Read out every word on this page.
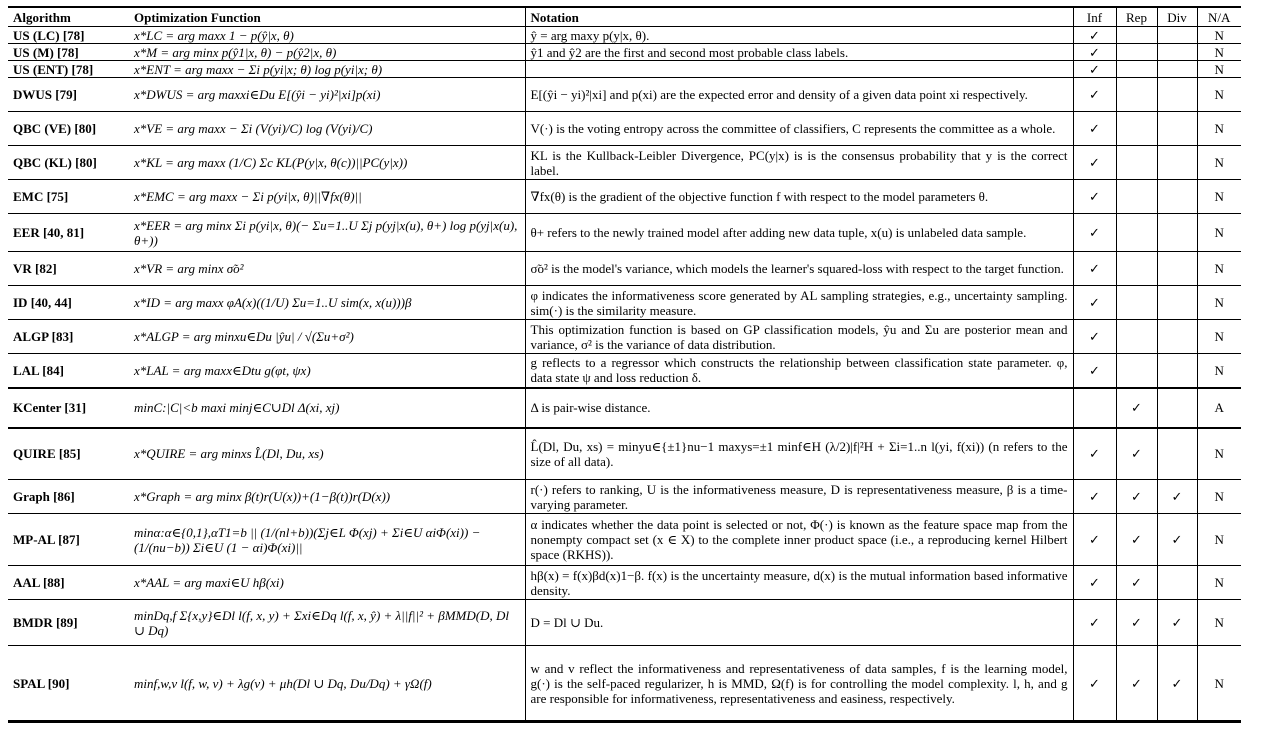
Algorithm	Optimization Function	Notation	Inf	Rep	Div	N/A
US (LC) [78]	x*LC = arg maxx 1 − p(ŷ|x, θ)	ŷ = arg maxy p(y|x, θ).	✓			N
US (M) [78]	x*M = arg minx p(ŷ1|x, θ) − p(ŷ2|x, θ)	ŷ1 and ŷ2 are the first and second most probable class labels.	✓			N
US (ENT) [78]	x*ENT = arg maxx − Σi p(yi|x; θ) log p(yi|x; θ)		✓			N
DWUS [79]	x*DWUS = arg maxxi∈Du E[(ŷi − yi)²|xi]p(xi)	E[(ŷi − yi)²|xi] and p(xi) are the expected error and density of a given data point xi respectively.	✓			N
QBC (VE) [80]	x*VE = arg maxx − Σi (V(yi)/C) log (V(yi)/C)	V(·) is the voting entropy across the committee of classifiers, C represents the committee as a whole.	✓			N
QBC (KL) [80]	x*KL = arg maxx (1/C) Σc KL(P(y|x, θ(c))||PC(y|x))	KL is the Kullback-Leibler Divergence, PC(y|x) is is the consensus probability that y is the correct label.	✓			N
EMC [75]	x*EMC = arg maxx − Σi p(yi|x, θ)||∇fx(θ)||	∇fx(θ) is the gradient of the objective function f with respect to the model parameters θ.	✓			N
EER [40, 81]	x*EER = arg minx Σi p(yi|x, θ)(− Σu=1..U Σj p(yj|x(u), θ+) log p(yj|x(u), θ+))	θ+ refers to the newly trained model after adding new data tuple, x(u) is unlabeled data sample.	✓			N
VR [82]	x*VR = arg minx σ̃o²	σ̃o² is the model's variance, which models the learner's squared-loss with respect to the target function.	✓			N
ID [40, 44]	x*ID = arg maxx φA(x)((1/U) Σu=1..U sim(x, x(u)))β	φ indicates the informativeness score generated by AL sampling strategies, e.g., uncertainty sampling. sim(·) is the similarity measure.	✓			N
ALGP [83]	x*ALGP = arg minxu∈Du |ŷu| / √(Σu+σ²)	This optimization function is based on GP classification models, ŷu and Σu are posterior mean and variance, σ² is the variance of data distribution.	✓			N
LAL [84]	x*LAL = arg maxx∈Dtu g(φt, ψx)	g reflects to a regressor which constructs the relationship between classification state parameter. φ, data state ψ and loss reduction δ.	✓			N
KCenter [31]	minC:|C|<b maxi minj∈C∪Dl Δ(xi, xj)	Δ is pair-wise distance.		✓		A
QUIRE [85]	x*QUIRE = arg minxs L̂(Dl, Du, xs)	L̂(Dl, Du, xs) = minyu∈{±1}nu−1 maxys=±1 minf∈H (λ/2)|f|²H + Σi=1..n l(yi, f(xi)) (n refers to the size of all data).	✓	✓		N
Graph [86]	x*Graph = arg minx β(t)r(U(x))+(1−β(t))r(D(x))	r(·) refers to ranking, U is the informativeness measure, D is representativeness measure, β is a time-varying parameter.	✓	✓	✓	N
MP-AL [87]	minα:α∈{0,1},αT1=b || (1/(nl+b))(Σj∈L Φ(xj) + Σi∈U αiΦ(xi)) − (1/(nu−b)) Σi∈U (1 − αi)Φ(xi)||	α indicates whether the data point is selected or not, Φ(·) is known as the feature space map from the nonempty compact set (x ∈ X) to the complete inner product space (i.e., a reproducing kernel Hilbert space (RKHS)).	✓	✓	✓	N
AAL [88]	x*AAL = arg maxi∈U hβ(xi)	hβ(x) = f(x)βd(x)1−β. f(x) is the uncertainty measure, d(x) is the mutual information based informative density.	✓	✓		N
BMDR [89]	minDq,f Σ{x,y}∈Dl l(f, x, y) + Σxi∈Dq l(f, x, ŷ) + λ||f||² + βMMD(D, Dl ∪ Dq)	D = Dl ∪ Du.	✓	✓	✓	N
SPAL [90]	minf,w,v l(f, w, v) + λg(v) + μh(Dl ∪ Dq, Du/Dq) + γΩ(f)	w and v reflect the informativeness and representativeness of data samples, f is the learning model, g(·) is the self-paced regularizer, h is MMD, Ω(f) is for controlling the model complexity. l, h, and g are responsible for informativeness, representativeness and easiness, respectively.	✓	✓	✓	N
